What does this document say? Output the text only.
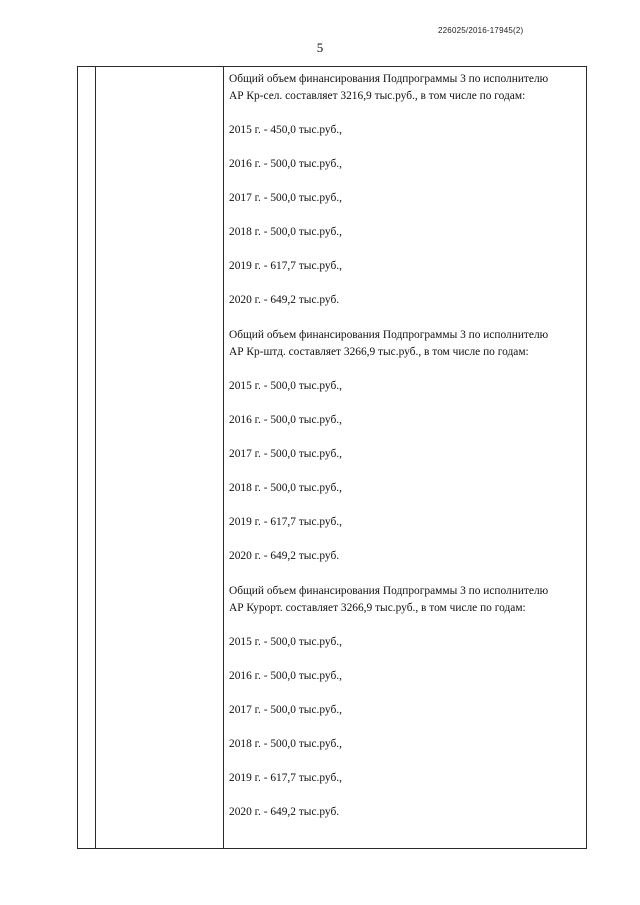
226025/2016-17945(2)
5

Общий объем финансирования Подпрограммы 3 по исполнителю

АР Кр-сел. составляет 3216,9 тыс.руб., в том числе по годам:

2015 г. - 450,0 тыс.руб.,

2016 г. - 500,0 тыс.руб.,

2017 г. - 500,0 тыс.руб.,

2018 г. - 500,0 тыс.руб.,

2019 г. - 617,7 тыс.руб.,

2020 г. - 649,2 тыс.руб.

Общий объем финансирования Подпрограммы 3 по исполнителю

АР Кр-штд. составляет 3266,9 тыс.руб., в том числе по годам:

2015 г. - 500,0 тыс.руб.,

2016 г. - 500,0 тыс.руб.,

2017 г. - 500,0 тыс.руб.,

2018 г. - 500,0 тыс.руб.,

2019 г. - 617,7 тыс.руб.,

2020 г. - 649,2 тыс.руб.

Общий объем финансирования Подпрограммы 3 по исполнителю

АР Курорт. составляет 3266,9 тыс.руб., в том числе по годам:

2015 г. - 500,0 тыс.руб.,

2016 г. - 500,0 тыс.руб.,

2017 г. - 500,0 тыс.руб.,

2018 г. - 500,0 тыс.руб.,

2019 г. - 617,7 тыс.руб.,

2020 г. - 649,2 тыс.руб.
